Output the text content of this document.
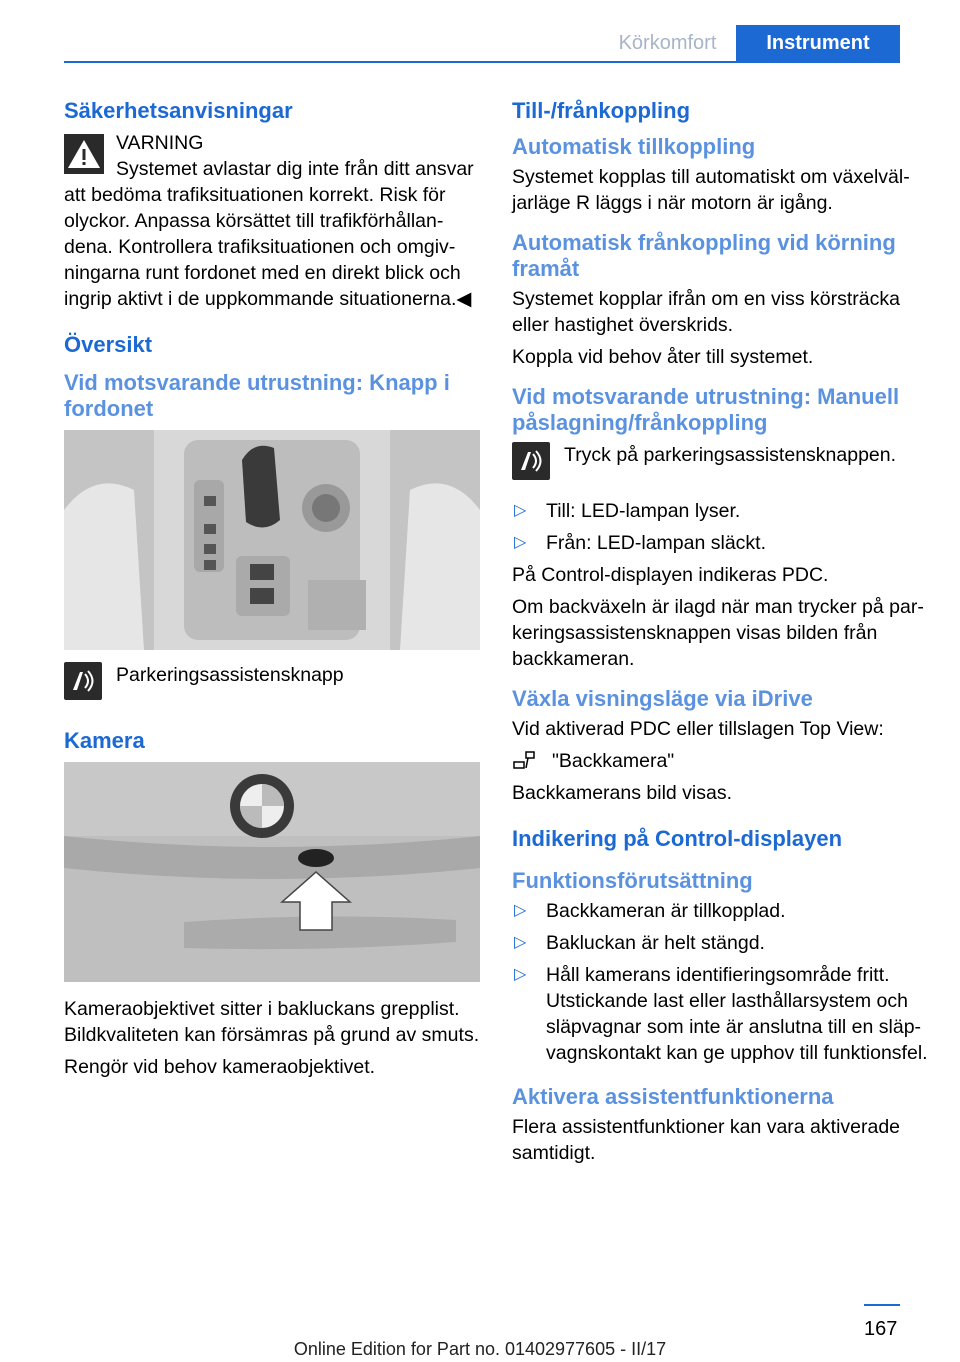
Körkomfort	Instrument
Säkerhetsanvisningar

VARNING

Systemet avlastar dig inte från ditt ansvar att bedöma trafiksituationen korrekt. Risk för olyckor. Anpassa körsättet till trafikförhållandena. Kontrollera trafiksituationen och omgivningarna runt fordonet med en direkt blick och ingrip aktivt i de uppkommande situationerna.◀

Översikt
Vid motsvarande utrustning: Knapp i fordonet

Parkeringsassistensknapp

Kamera

Kameraobjektivet sitter i bakluckans grepplist. Bildkvaliteten kan försämras på grund av smuts.

Rengör vid behov kameraobjektivet.

Till-/frånkoppling
Automatisk tillkoppling

Systemet kopplas till automatiskt om växelväljarläge R läggs i när motorn är igång.

Automatisk frånkoppling vid körning framåt

Systemet kopplar ifrån om en viss körsträcka eller hastighet överskrids.

Koppla vid behov åter till systemet.

Vid motsvarande utrustning: Manuell påslagning/frånkoppling

Tryck på parkeringsassistensknappen.

▷ Till: LED-lampan lyser.
▷ Från: LED-lampan släckt.

På Control-displayen indikeras PDC.

Om backväxeln är ilagd när man trycker på parkeringsassistensknappen visas bilden från backkameran.

Växla visningsläge via iDrive

Vid aktiverad PDC eller tillslagen Top View:

"Backkamera"

Backkamerans bild visas.

Indikering på Control-displayen
Funktionsförutsättning
▷ Backkameran är tillkopplad.
▷ Bakluckan är helt stängd.
▷ Håll kamerans identifieringsområde fritt. Utstickande last eller lasthållarsystem och släpvagnar som inte är anslutna till en släpvagnskontakt kan ge upphov till funktionsfel.
Aktivera assistentfunktionerna

Flera assistentfunktioner kan vara aktiverade samtidigt.

167
Online Edition for Part no. 01402977605 - II/17
